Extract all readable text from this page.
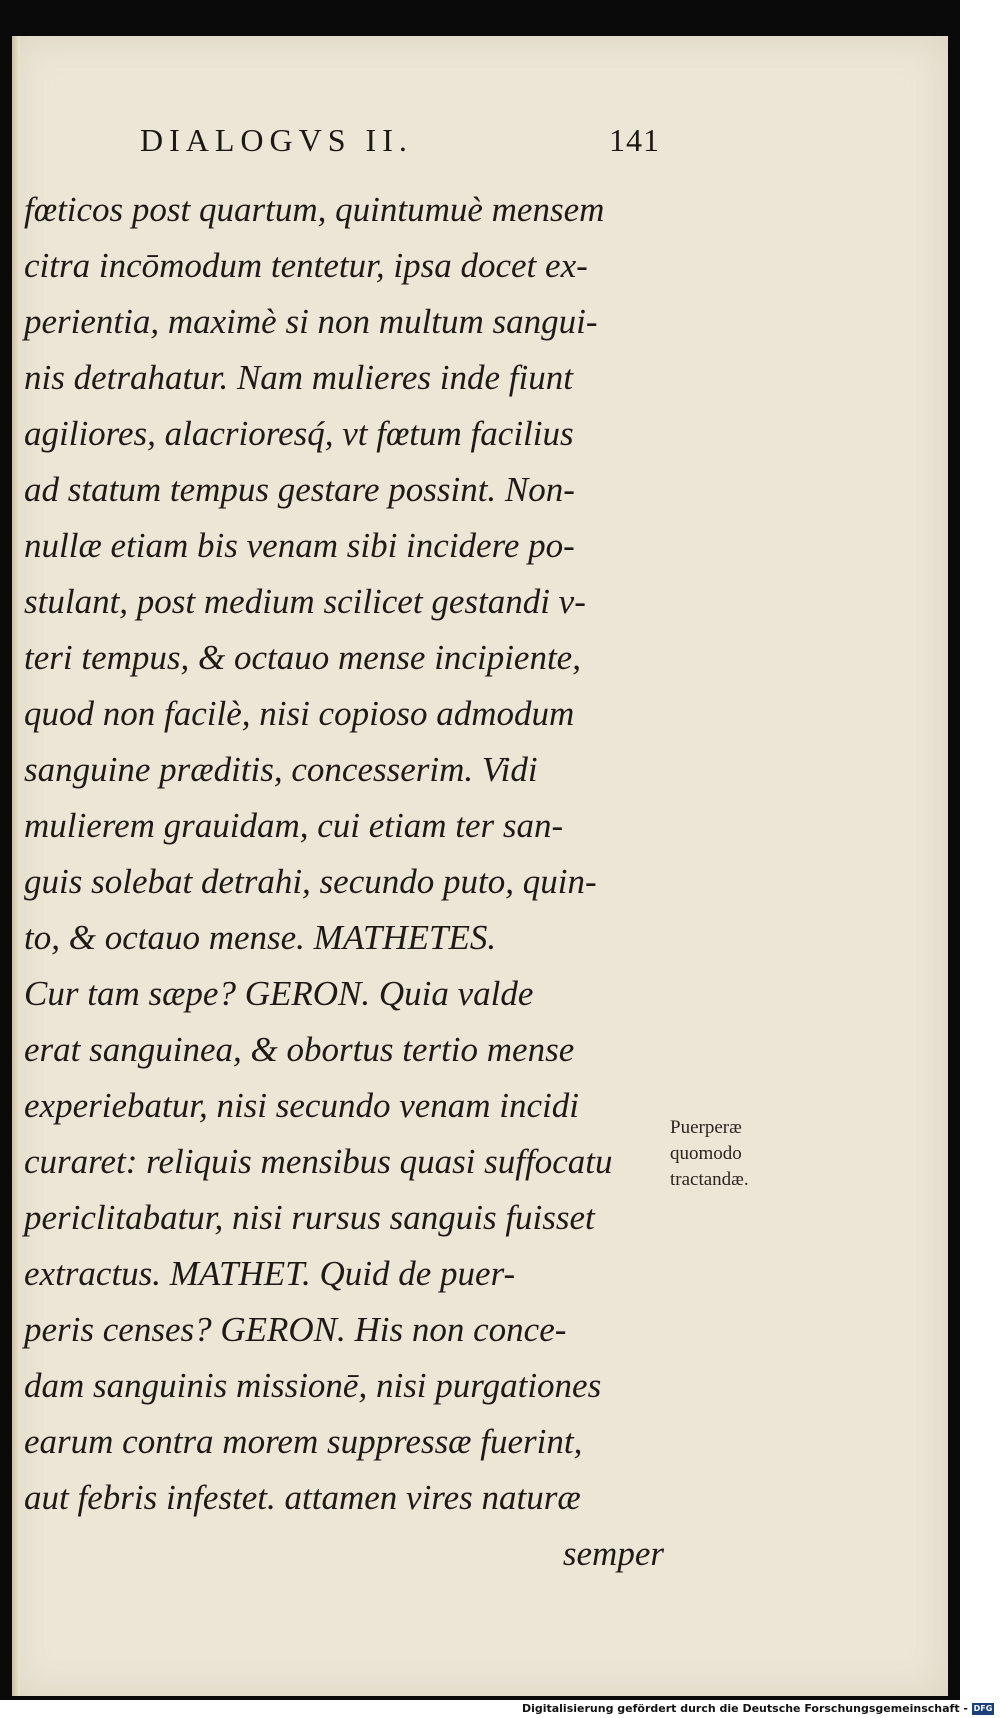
DIALOGVS II.	141
fœticos post quartum, quintumuè mensem
citra incōmodum tentetur, ipsa docet ex-
perientia, maximè si non multum sangui-
nis detrahatur. Nam mulieres inde fiunt
agiliores, alacrioresq́, vt fœtum facilius
ad statum tempus gestare possint. Non-
nullæ etiam bis venam sibi incidere po-
stulant, post medium scilicet gestandi v-
teri tempus, & octauo mense incipiente,
quod non facilè, nisi copioso admodum
sanguine præditis, concesserim. Vidi
mulierem grauidam, cui etiam ter san-
guis solebat detrahi, secundo puto, quin-
to, & octauo mense. MATHETES.
Cur tam sæpe? GERON. Quia valde
erat sanguinea, & obortus tertio mense
experiebatur, nisi secundo venam incidi
curaret: reliquis mensibus quasi suffocatu
periclitabatur, nisi rursus sanguis fuisset
extractus. MATHET. Quid de puer-
peris censes? GERON. His non conce-
dam sanguinis missionē, nisi purgationes
earum contra morem suppressæ fuerint,
aut febris infestet. attamen vires naturæ
semper
Puerperæ
quomodo
tractandæ.
Digitalisierung gefördert durch die Deutsche Forschungsgemeinschaft - DFG
